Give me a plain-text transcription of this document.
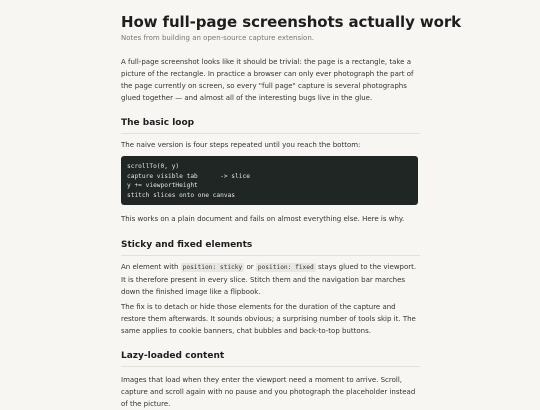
How full-page screenshots actually work
Notes from building an open-source capture extension.

A full-page screenshot looks like it should be trivial: the page is a rectangle, take a picture of the rectangle. In practice a browser can only ever photograph the part of the page currently on screen, so every "full page" capture is several photographs glued together — and almost all of the interesting bugs live in the glue.

The basic loop

The naive version is four steps repeated until you reach the bottom:

scrollTo(0, y)
capture visible tab      -> slice
y += viewportHeight
stitch slices onto one canvas

This works on a plain document and fails on almost everything else. Here is why.

Sticky and fixed elements

An element with position: sticky or position: fixed stays glued to the viewport. It is therefore present in every slice. Stitch them and the navigation bar marches down the finished image like a flipbook.

The fix is to detach or hide those elements for the duration of the capture and restore them afterwards. It sounds obvious; a surprising number of tools skip it. The same applies to cookie banners, chat bubbles and back-to-top buttons.

Lazy-loaded content

Images that load when they enter the viewport need a moment to arrive. Scroll, capture and scroll again with no pause and you photograph the placeholder instead of the picture.
